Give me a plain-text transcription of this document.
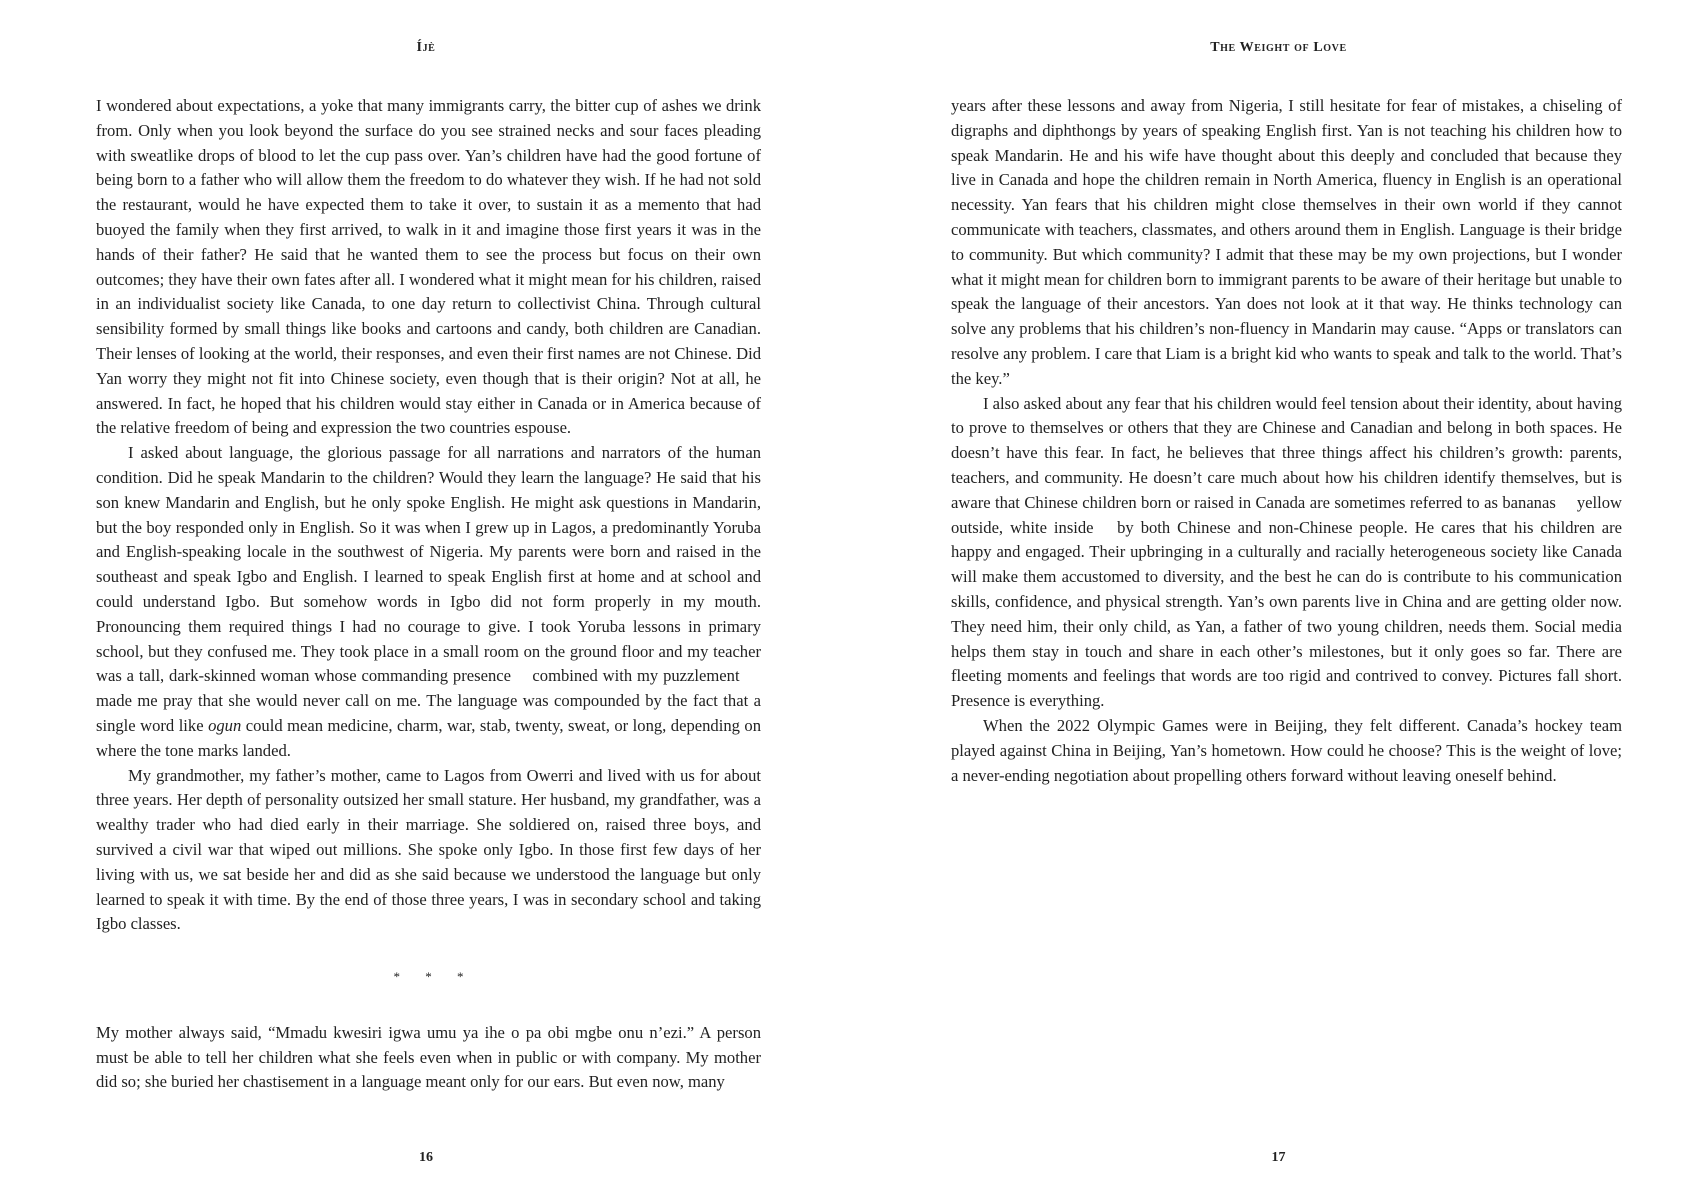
Íjè

I wondered about expectations, a yoke that many immigrants carry, the bitter cup of ashes we drink from. Only when you look beyond the surface do you see strained necks and sour faces pleading with sweatlike drops of blood to let the cup pass over. Yan’s children have had the good fortune of being born to a father who will allow them the freedom to do whatever they wish. If he had not sold the restaurant, would he have expected them to take it over, to sustain it as a memento that had buoyed the family when they first arrived, to walk in it and imagine those first years it was in the hands of their father? He said that he wanted them to see the process but focus on their own outcomes; they have their own fates after all. I wondered what it might mean for his children, raised in an individualist society like Canada, to one day return to collectivist China. Through cultural sensibility formed by small things like books and cartoons and candy, both children are Canadian. Their lenses of looking at the world, their responses, and even their first names are not Chinese. Did Yan worry they might not fit into Chinese society, even though that is their origin? Not at all, he answered. In fact, he hoped that his children would stay either in Canada or in America because of the relative freedom of being and expression the two countries espouse.

I asked about language, the glorious passage for all narrations and narrators of the human condition. Did he speak Mandarin to the children? Would they learn the language? He said that his son knew Mandarin and English, but he only spoke English. He might ask questions in Mandarin, but the boy responded only in English. So it was when I grew up in Lagos, a predominantly Yoruba and English-speaking locale in the southwest of Nigeria. My parents were born and raised in the southeast and speak Igbo and English. I learned to speak English first at home and at school and could understand Igbo. But somehow words in Igbo did not form properly in my mouth. Pronouncing them required things I had no courage to give. I took Yoruba lessons in primary school, but they confused me. They took place in a small room on the ground floor and my teacher was a tall, dark-skinned woman whose commanding presence  combined with my puzzlement  made me pray that she would never call on me. The language was compounded by the fact that a single word like ogun could mean medicine, charm, war, stab, twenty, sweat, or long, depending on where the tone marks landed.

My grandmother, my father’s mother, came to Lagos from Owerri and lived with us for about three years. Her depth of personality outsized her small stature. Her husband, my grandfather, was a wealthy trader who had died early in their marriage. She soldiered on, raised three boys, and survived a civil war that wiped out millions. She spoke only Igbo. In those first few days of her living with us, we sat beside her and did as she said because we understood the language but only learned to speak it with time. By the end of those three years, I was in secondary school and taking Igbo classes.

* * *

My mother always said, “Mmadu kwesiri igwa umu ya ihe o pa obi mgbe onu n’ezi.” A person must be able to tell her children what she feels even when in public or with company. My mother did so; she buried her chastisement in a language meant only for our ears. But even now, many

16
The Weight of Love

years after these lessons and away from Nigeria, I still hesitate for fear of mistakes, a chiseling of digraphs and diphthongs by years of speaking English first. Yan is not teaching his children how to speak Mandarin. He and his wife have thought about this deeply and concluded that because they live in Canada and hope the children remain in North America, fluency in English is an operational necessity. Yan fears that his children might close themselves in their own world if they cannot communicate with teachers, classmates, and others around them in English. Language is their bridge to community. But which community? I admit that these may be my own projections, but I wonder what it might mean for children born to immigrant parents to be aware of their heritage but unable to speak the language of their ancestors. Yan does not look at it that way. He thinks technology can solve any problems that his children’s non-fluency in Mandarin may cause. “Apps or translators can resolve any problem. I care that Liam is a bright kid who wants to speak and talk to the world. That’s the key.”

I also asked about any fear that his children would feel tension about their identity, about having to prove to themselves or others that they are Chinese and Canadian and belong in both spaces. He doesn’t have this fear. In fact, he believes that three things affect his children’s growth: parents, teachers, and community. He doesn’t care much about how his children identify themselves, but is aware that Chinese children born or raised in Canada are sometimes referred to as bananas  yellow outside, white inside  by both Chinese and non-Chinese people. He cares that his children are happy and engaged. Their upbringing in a culturally and racially heterogeneous society like Canada will make them accustomed to diversity, and the best he can do is contribute to his communication skills, confidence, and physical strength. Yan’s own parents live in China and are getting older now. They need him, their only child, as Yan, a father of two young children, needs them. Social media helps them stay in touch and share in each other’s milestones, but it only goes so far. There are fleeting moments and feelings that words are too rigid and contrived to convey. Pictures fall short. Presence is everything.

When the 2022 Olympic Games were in Beijing, they felt different. Canada’s hockey team played against China in Beijing, Yan’s hometown. How could he choose? This is the weight of love; a never-ending negotiation about propelling others forward without leaving oneself behind.

17
